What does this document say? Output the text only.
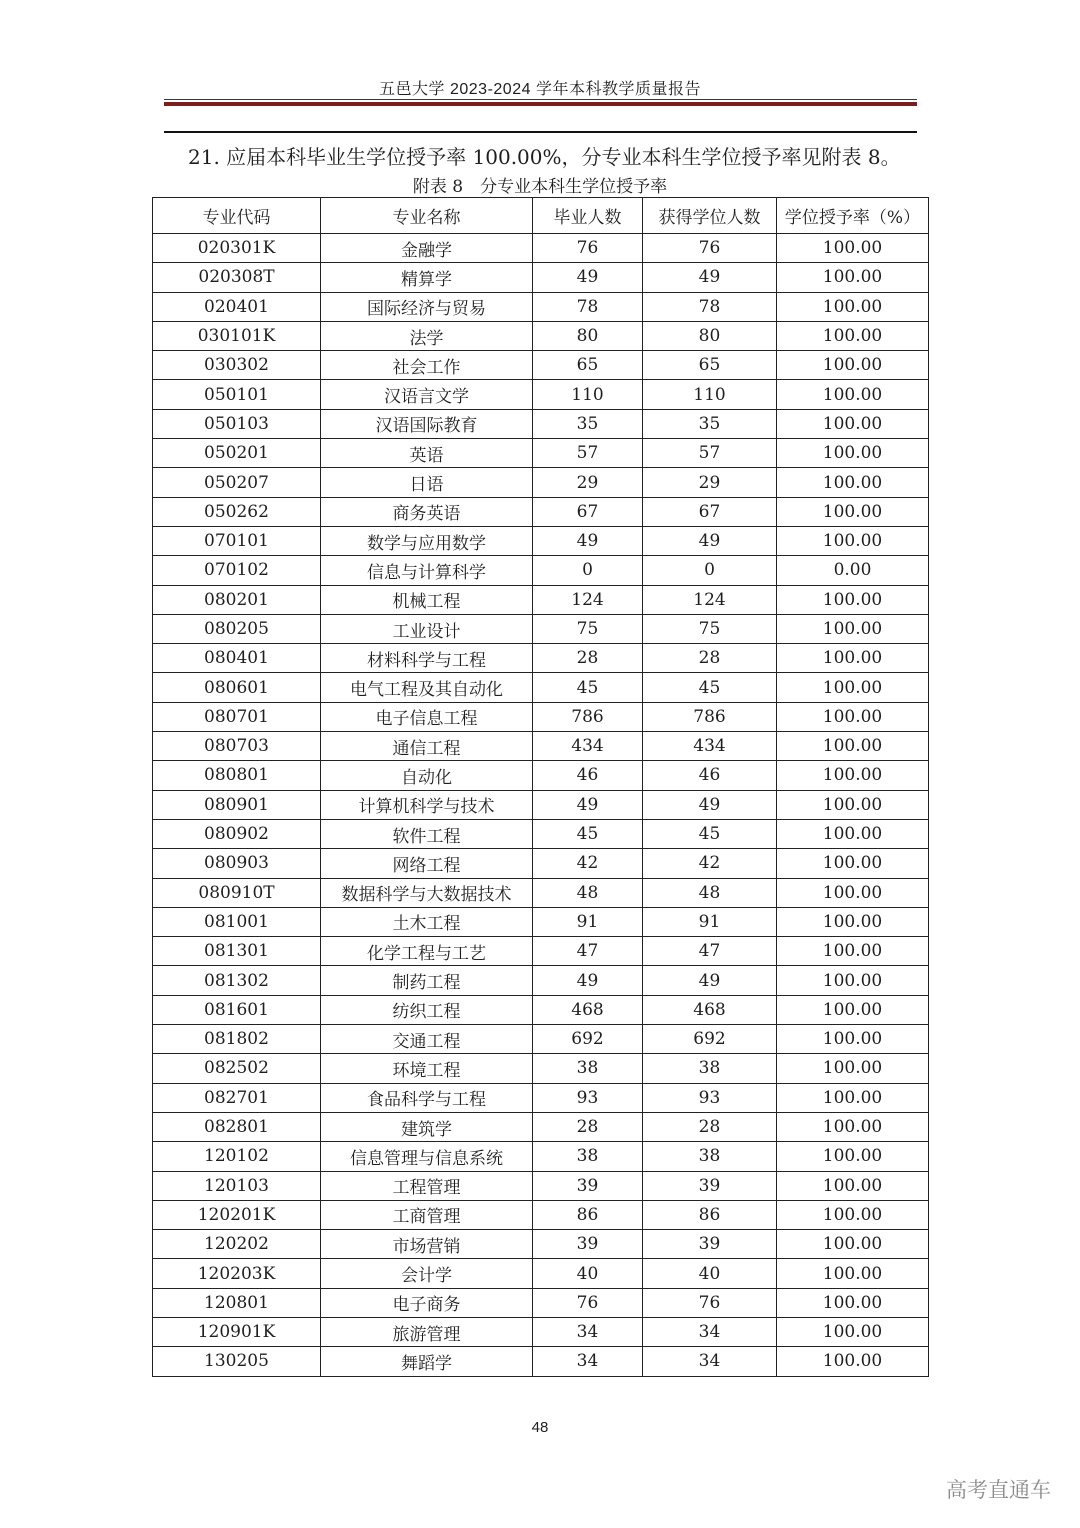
五邑大学 2023-2024 学年本科教学质量报告
21. 应届本科毕业生学位授予率 100.00%，分专业本科生学位授予率见附表 8。
附表 8　分专业本科生学位授予率
专业代码	专业名称	毕业人数	获得学位人数	学位授予率（%）
020301K	金融学	76	76	100.00
020308T	精算学	49	49	100.00
020401	国际经济与贸易	78	78	100.00
030101K	法学	80	80	100.00
030302	社会工作	65	65	100.00
050101	汉语言文学	110	110	100.00
050103	汉语国际教育	35	35	100.00
050201	英语	57	57	100.00
050207	日语	29	29	100.00
050262	商务英语	67	67	100.00
070101	数学与应用数学	49	49	100.00
070102	信息与计算科学	0	0	0.00
080201	机械工程	124	124	100.00
080205	工业设计	75	75	100.00
080401	材料科学与工程	28	28	100.00
080601	电气工程及其自动化	45	45	100.00
080701	电子信息工程	786	786	100.00
080703	通信工程	434	434	100.00
080801	自动化	46	46	100.00
080901	计算机科学与技术	49	49	100.00
080902	软件工程	45	45	100.00
080903	网络工程	42	42	100.00
080910T	数据科学与大数据技术	48	48	100.00
081001	土木工程	91	91	100.00
081301	化学工程与工艺	47	47	100.00
081302	制药工程	49	49	100.00
081601	纺织工程	468	468	100.00
081802	交通工程	692	692	100.00
082502	环境工程	38	38	100.00
082701	食品科学与工程	93	93	100.00
082801	建筑学	28	28	100.00
120102	信息管理与信息系统	38	38	100.00
120103	工程管理	39	39	100.00
120201K	工商管理	86	86	100.00
120202	市场营销	39	39	100.00
120203K	会计学	40	40	100.00
120801	电子商务	76	76	100.00
120901K	旅游管理	34	34	100.00
130205	舞蹈学	34	34	100.00
48
高考直通车
